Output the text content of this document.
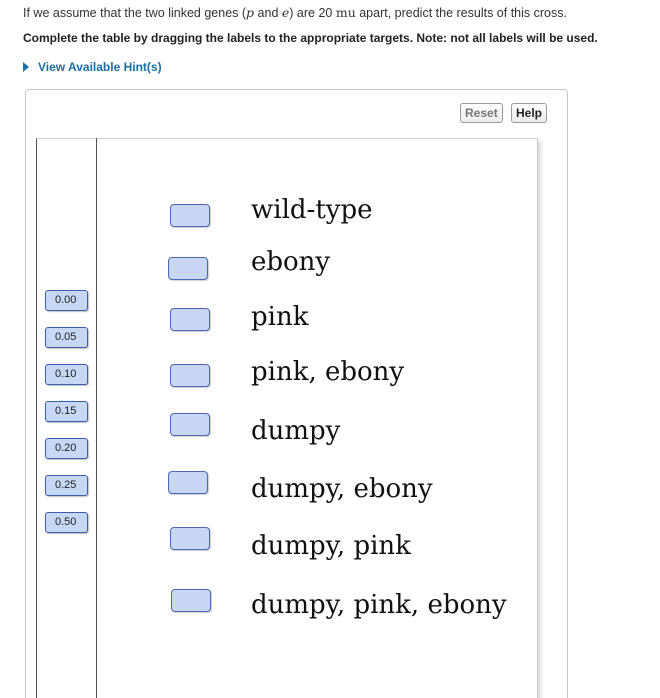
If we assume that the two linked genes (p and e) are 20 mu apart, predict the results of this cross.
Complete the table by dragging the labels to the appropriate targets. Note: not all labels will be used.
View Available Hint(s)
Reset	Help
0.00
0.05
0.10
0.15
0.20
0.25
0.50
wild-type
ebony
pink
pink, ebony
dumpy
dumpy, ebony
dumpy, pink
dumpy, pink, ebony
